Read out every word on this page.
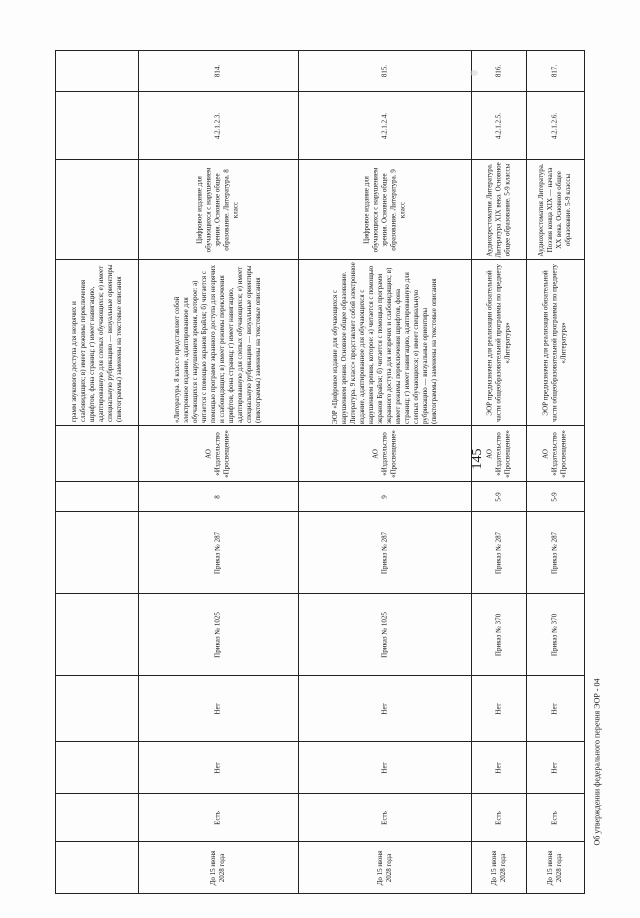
145
грамм звукового доступа для незрячих и слабовидящих; в) имеет режимы переключения шрифтов, фона страниц; г) имеет навигацию, адаптированную для слепых обучающихся; е) имеет специальную рубрикацию — визуальные ориентиры (пиктограммы) заменены на текстовые описания
814.
4.2.1.2.3.
Цифровое издание для обучающихся с нарушением зрения. Основное общее образование. Литература. 8 класс
«Литература. 8 класс» представляет собой электронное издание, адаптированное для обучающихся с нарушением зрения, которое: а) читается с помощью экранов Брайля; б) читается с помощью программ экранного доступа для незрячих и слабовидящих; в) имеет режимы переключения шрифтов, фона страниц; г) имеет навигацию, адаптированную для слепых обучающихся; е) имеет специальную рубрикацию — визуальные ориентиры (пиктограммы) заменены на текстовые описания
АО «Издательство «Просвещение»
8
Приказ № 287
Приказ № 1025
Нет
Нет
Есть
До 15 июня 2028 года
815.
4.2.1.2.4.
Цифровое издание для обучающихся с нарушением зрения. Основное общее образование. Литература. 9 класс
ЭОР «Цифровое издание для обучающихся с нарушением зрения. Основное общее образование. Литература. 9 класс» представляет собой электронное издание, адаптированное для обучающихся с нарушением зрения, которое: а) читается с помощью экранов Брайля; б) читается с помощью программ экранного доступа для незрячих и слабовидящих; в) имеет режимы переключения шрифтов, фона страниц; г) имеет навигацию, адаптированную для слепых обучающихся; е) имеет специальную рубрикацию — визуальные ориентиры (пиктограммы) заменены на текстовые описания
АО «Издательство «Просвещение»
9
Приказ № 287
Приказ № 1025
Нет
Нет
Есть
До 15 июня 2028 года
816.
4.2.1.2.5.
Аудиохрестоматия Литература. Литература XIX века. Основное общее образование. 5-9 классы
ЭОР предназначен для реализации обязательной части общеобразовательной программы по предмету «Литература»
АО «Издательство «Просвещение»
5-9
Приказ № 287
Приказ № 370
Нет
Нет
Есть
До 15 июня 2028 года
817.
4.2.1.2.6.
Аудиохрестоматия Литература. Поэзия конца XIX — начала XX века. Основное общее образование. 5-9 классы
ЭОР предназначен для реализации обязательной части общеобразовательной программы по предмету «Литература»
АО «Издательство «Просвещение»
5-9
Приказ № 287
Приказ № 370
Нет
Нет
Есть
До 15 июня 2028 года
Об утверждении федерального перечня ЭОР - 04
